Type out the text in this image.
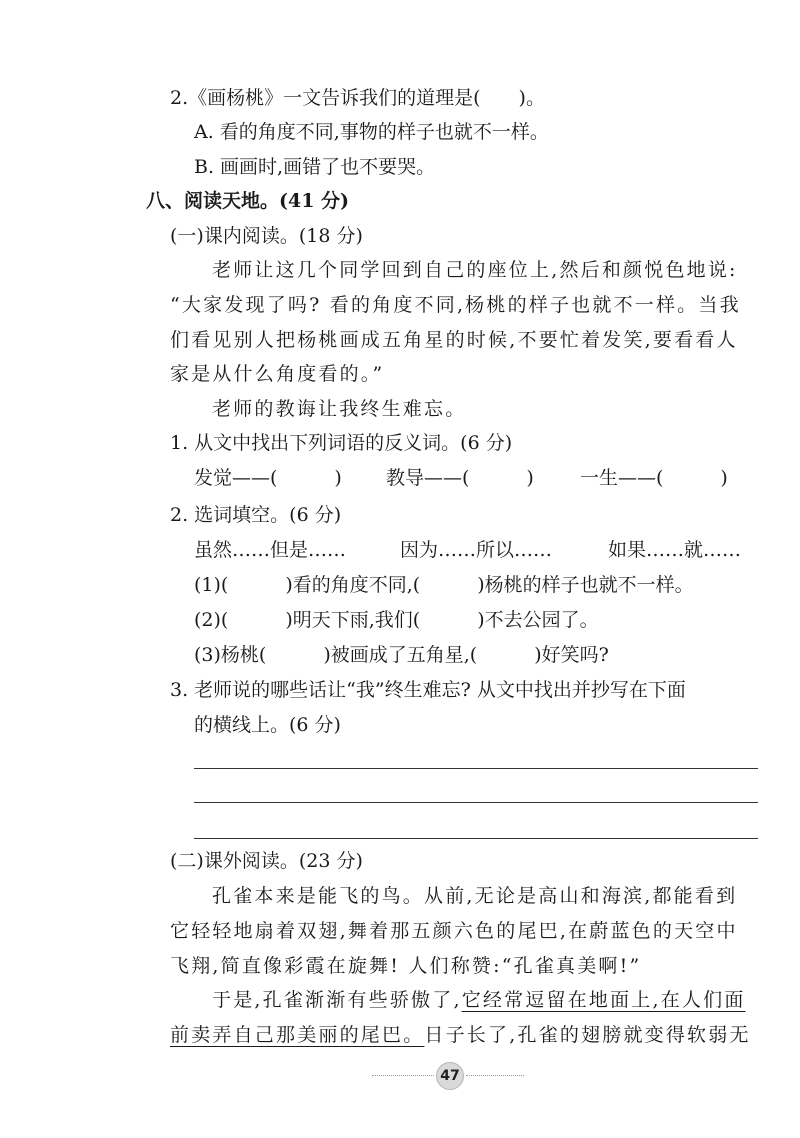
2.《画杨桃》一文告诉我们的道理是(　　)。
A. 看的角度不同,事物的样子也就不一样。
B. 画画时,画错了也不要哭。
八、阅读天地。(41 分)
(一)课内阅读。(18 分)
老师让这几个同学回到自己的座位上,然后和颜悦色地说:
“大家发现了吗? 看的角度不同,杨桃的样子也就不一样。当我
们看见别人把杨桃画成五角星的时候,不要忙着发笑,要看看人
家是从什么角度看的。”
老师的教诲让我终生难忘。
1. 从文中找出下列词语的反义词。(6 分)
发觉——(　　　) 教导——(　　　) 一生——(　　　)
2. 选词填空。(6 分)
虽然……但是……	因为……所以……	如果……就……
(1)(　　　)看的角度不同,(　　　)杨桃的样子也就不一样。
(2)(　　　)明天下雨,我们(　　　)不去公园了。
(3)杨桃(　　　)被画成了五角星,(　　　)好笑吗?
3. 老师说的哪些话让“我”终生难忘? 从文中找出并抄写在下面
的横线上。(6 分)
(二)课外阅读。(23 分)
孔雀本来是能飞的鸟。从前,无论是高山和海滨,都能看到
它轻轻地扇着双翅,舞着那五颜六色的尾巴,在蔚蓝色的天空中
飞翔,简直像彩霞在旋舞! 人们称赞:“孔雀真美啊!”
于是,孔雀渐渐有些骄傲了,它经常逗留在地面上,在人们面
前卖弄自己那美丽的尾巴。日子长了,孔雀的翅膀就变得软弱无
47
